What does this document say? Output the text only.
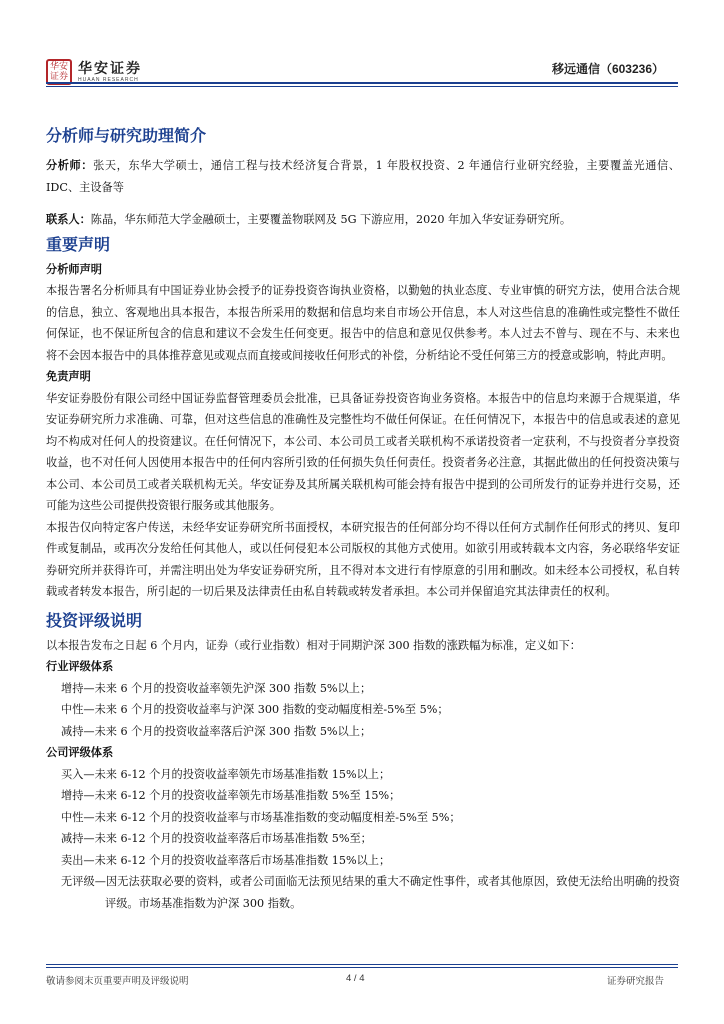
华安证券
华安证券
HUAAN RESEARCH
移远通信（603236）
分析师与研究助理简介
分析师：张天，东华大学硕士，通信工程与技术经济复合背景，1 年股权投资、2 年通信行业研究经验，主要覆盖光通信、IDC、主设备等
联系人：陈晶，华东师范大学金融硕士，主要覆盖物联网及 5G 下游应用，2020 年加入华安证券研究所。
重要声明
分析师声明
本报告署名分析师具有中国证券业协会授予的证券投资咨询执业资格，以勤勉的执业态度、专业审慎的研究方法，使用合法合规的信息，独立、客观地出具本报告，本报告所采用的数据和信息均来自市场公开信息，本人对这些信息的准确性或完整性不做任何保证，也不保证所包含的信息和建议不会发生任何变更。报告中的信息和意见仅供参考。本人过去不曾与、现在不与、未来也将不会因本报告中的具体推荐意见或观点而直接或间接收任何形式的补偿，分析结论不受任何第三方的授意或影响，特此声明。
免责声明
华安证券股份有限公司经中国证券监督管理委员会批准，已具备证券投资咨询业务资格。本报告中的信息均来源于合规渠道，华安证券研究所力求准确、可靠，但对这些信息的准确性及完整性均不做任何保证。在任何情况下，本报告中的信息或表述的意见均不构成对任何人的投资建议。在任何情况下，本公司、本公司员工或者关联机构不承诺投资者一定获利，不与投资者分享投资收益，也不对任何人因使用本报告中的任何内容所引致的任何损失负任何责任。投资者务必注意，其据此做出的任何投资决策与本公司、本公司员工或者关联机构无关。华安证券及其所属关联机构可能会持有报告中提到的公司所发行的证券并进行交易，还可能为这些公司提供投资银行服务或其他服务。
本报告仅向特定客户传送，未经华安证券研究所书面授权，本研究报告的任何部分均不得以任何方式制作任何形式的拷贝、复印件或复制品，或再次分发给任何其他人，或以任何侵犯本公司版权的其他方式使用。如欲引用或转载本文内容，务必联络华安证券研究所并获得许可，并需注明出处为华安证券研究所，且不得对本文进行有悖原意的引用和删改。如未经本公司授权，私自转载或者转发本报告，所引起的一切后果及法律责任由私自转载或转发者承担。本公司并保留追究其法律责任的权利。
投资评级说明
以本报告发布之日起 6 个月内，证券（或行业指数）相对于同期沪深 300 指数的涨跌幅为标准，定义如下：
行业评级体系
增持—未来 6 个月的投资收益率领先沪深 300 指数 5%以上；
中性—未来 6 个月的投资收益率与沪深 300 指数的变动幅度相差-5%至 5%；
减持—未来 6 个月的投资收益率落后沪深 300 指数 5%以上；
公司评级体系
买入—未来 6-12 个月的投资收益率领先市场基准指数 15%以上；
增持—未来 6-12 个月的投资收益率领先市场基准指数 5%至 15%；
中性—未来 6-12 个月的投资收益率与市场基准指数的变动幅度相差-5%至 5%；
减持—未来 6-12 个月的投资收益率落后市场基准指数 5%至；
卖出—未来 6-12 个月的投资收益率落后市场基准指数 15%以上；
无评级—因无法获取必要的资料，或者公司面临无法预见结果的重大不确定性事件，或者其他原因，致使无法给出明确的投资评级。市场基准指数为沪深 300 指数。
敬请参阅末页重要声明及评级说明	4 / 4	证券研究报告
